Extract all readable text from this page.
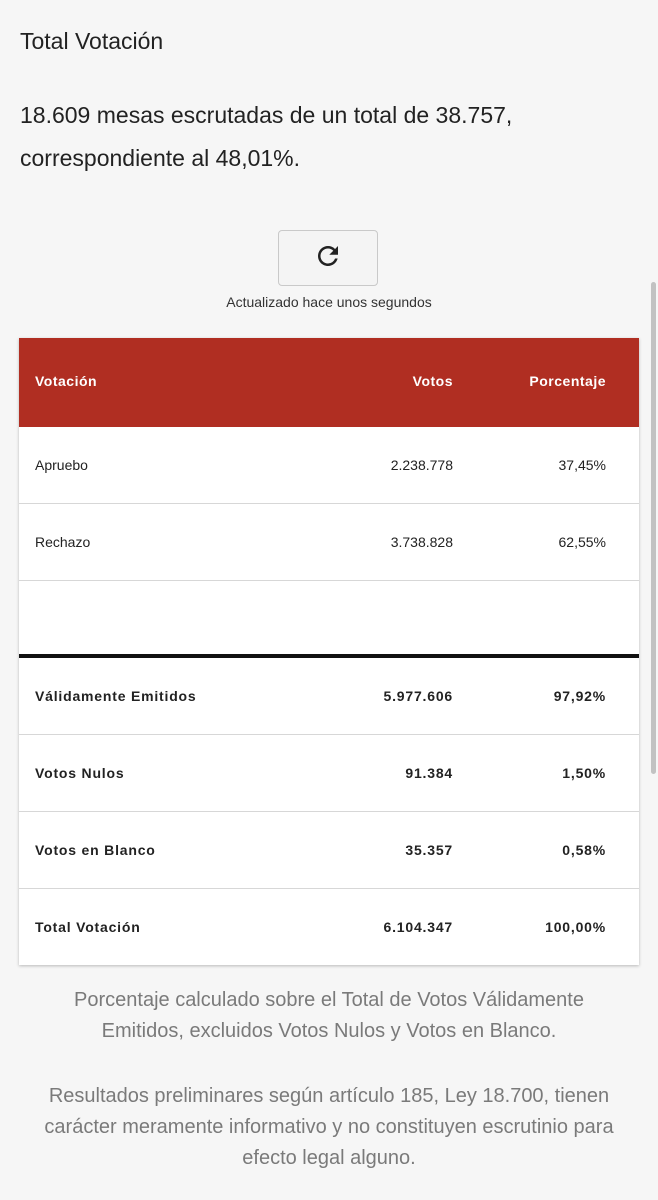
Total Votación

18.609 mesas escrutadas de un total de 38.757, correspondiente al 48,01%.

Actualizado hace unos segundos
Votación	Votos	Porcentaje
Apruebo	2.238.778	37,45%
Rechazo	3.738.828	62,55%
Válidamente Emitidos	5.977.606	97,92%
Votos Nulos	91.384	1,50%
Votos en Blanco	35.357	0,58%
Total Votación	6.104.347	100,00%

Porcentaje calculado sobre el Total de Votos Válidamente Emitidos, excluidos Votos Nulos y Votos en Blanco.

Resultados preliminares según artículo 185, Ley 18.700, tienen carácter meramente informativo y no constituyen escrutinio para efecto legal alguno.
